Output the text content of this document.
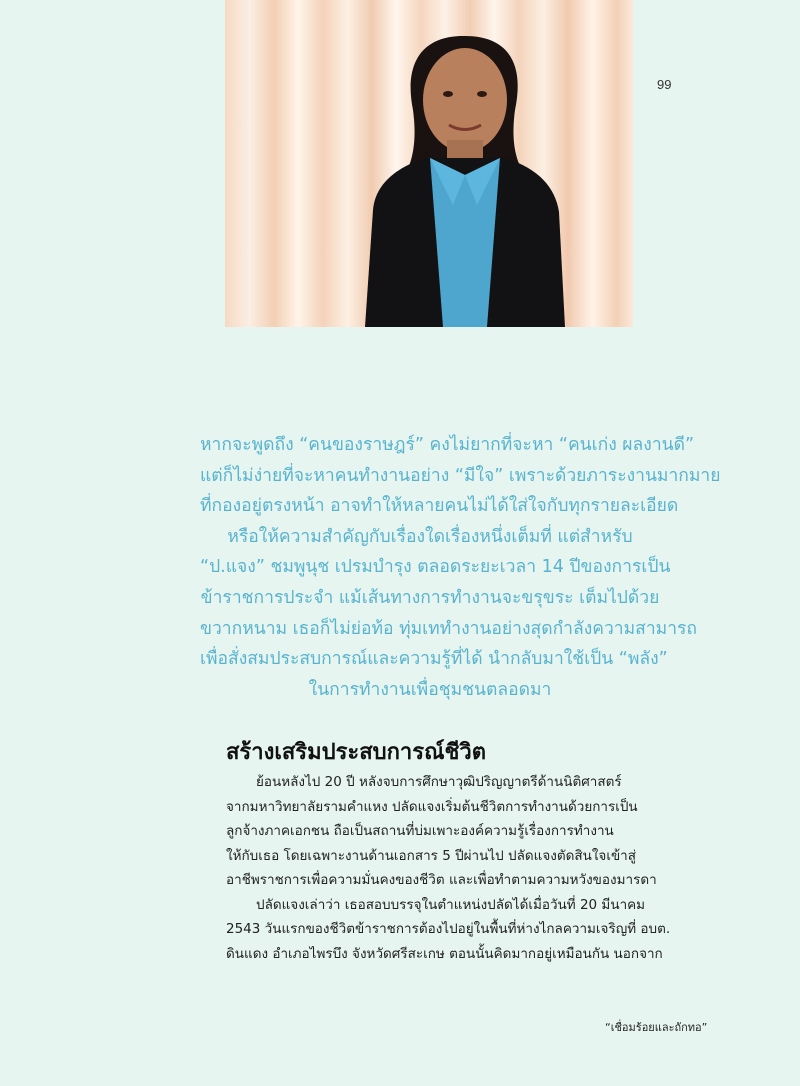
99
หากจะพูดถึง “คนของราษฎร์” คงไม่ยากที่จะหา “คนเก่ง ผลงานดี”
แต่ก็ไม่ง่ายที่จะหาคนทำงานอย่าง “มีใจ” เพราะด้วยภาระงานมากมาย
ที่กองอยู่ตรงหน้า อาจทำให้หลายคนไม่ได้ใส่ใจกับทุกรายละเอียด
หรือให้ความสำคัญกับเรื่องใดเรื่องหนึ่งเต็มที่ แต่สำหรับ
“ป.แจง” ชมพูนุช เปรมบำรุง ตลอดระยะเวลา 14 ปีของการเป็น
ข้าราชการประจำ แม้เส้นทางการทำงานจะขรุขระ เต็มไปด้วย
ขวากหนาม เธอก็ไม่ย่อท้อ ทุ่มเททำงานอย่างสุดกำลังความสามารถ
เพื่อสั่งสมประสบการณ์และความรู้ที่ได้ นำกลับมาใช้เป็น “พลัง”
ในการทำงานเพื่อชุมชนตลอดมา
สร้างเสริมประสบการณ์ชีวิต
ย้อนหลังไป 20 ปี หลังจบการศึกษาวุฒิปริญญาตรีด้านนิติศาสตร์
จากมหาวิทยาลัยรามคำแหง ปลัดแจงเริ่มต้นชีวิตการทำงานด้วยการเป็น
ลูกจ้างภาคเอกชน ถือเป็นสถานที่บ่มเพาะองค์ความรู้เรื่องการทำงาน
ให้กับเธอ โดยเฉพาะงานด้านเอกสาร 5 ปีผ่านไป ปลัดแจงตัดสินใจเข้าสู่
อาชีพราชการเพื่อความมั่นคงของชีวิต และเพื่อทำตามความหวังของมารดา
ปลัดแจงเล่าว่า เธอสอบบรรจุในตำแหน่งปลัดได้เมื่อวันที่ 20 มีนาคม
2543 วันแรกของชีวิตข้าราชการต้องไปอยู่ในพื้นที่ห่างไกลความเจริญที่ อบต.
ดินแดง อำเภอไพรบึง จังหวัดศรีสะเกษ ตอนนั้นคิดมากอยู่เหมือนกัน นอกจาก
“เชื่อมร้อยและถักทอ”
